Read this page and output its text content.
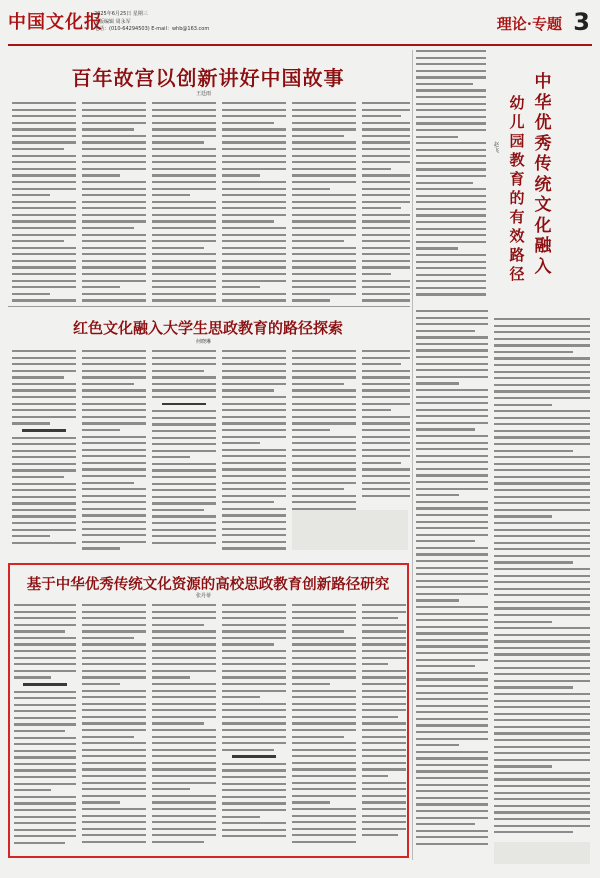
中国文化报
2025年6月25日 星期三
本版编辑 周永军
电话：(010-64294503) E-mail：whb@163.com	理论·专题 3
百年故宫以创新讲好中国故事
王廷雨
赵飞
幼儿园教育的有效路径
中华优秀传统文化融入
红色文化融入大学生思政教育的路径探索
何晓琳
基于中华优秀传统文化资源的高校思政教育创新路径研究
张丹蒂
